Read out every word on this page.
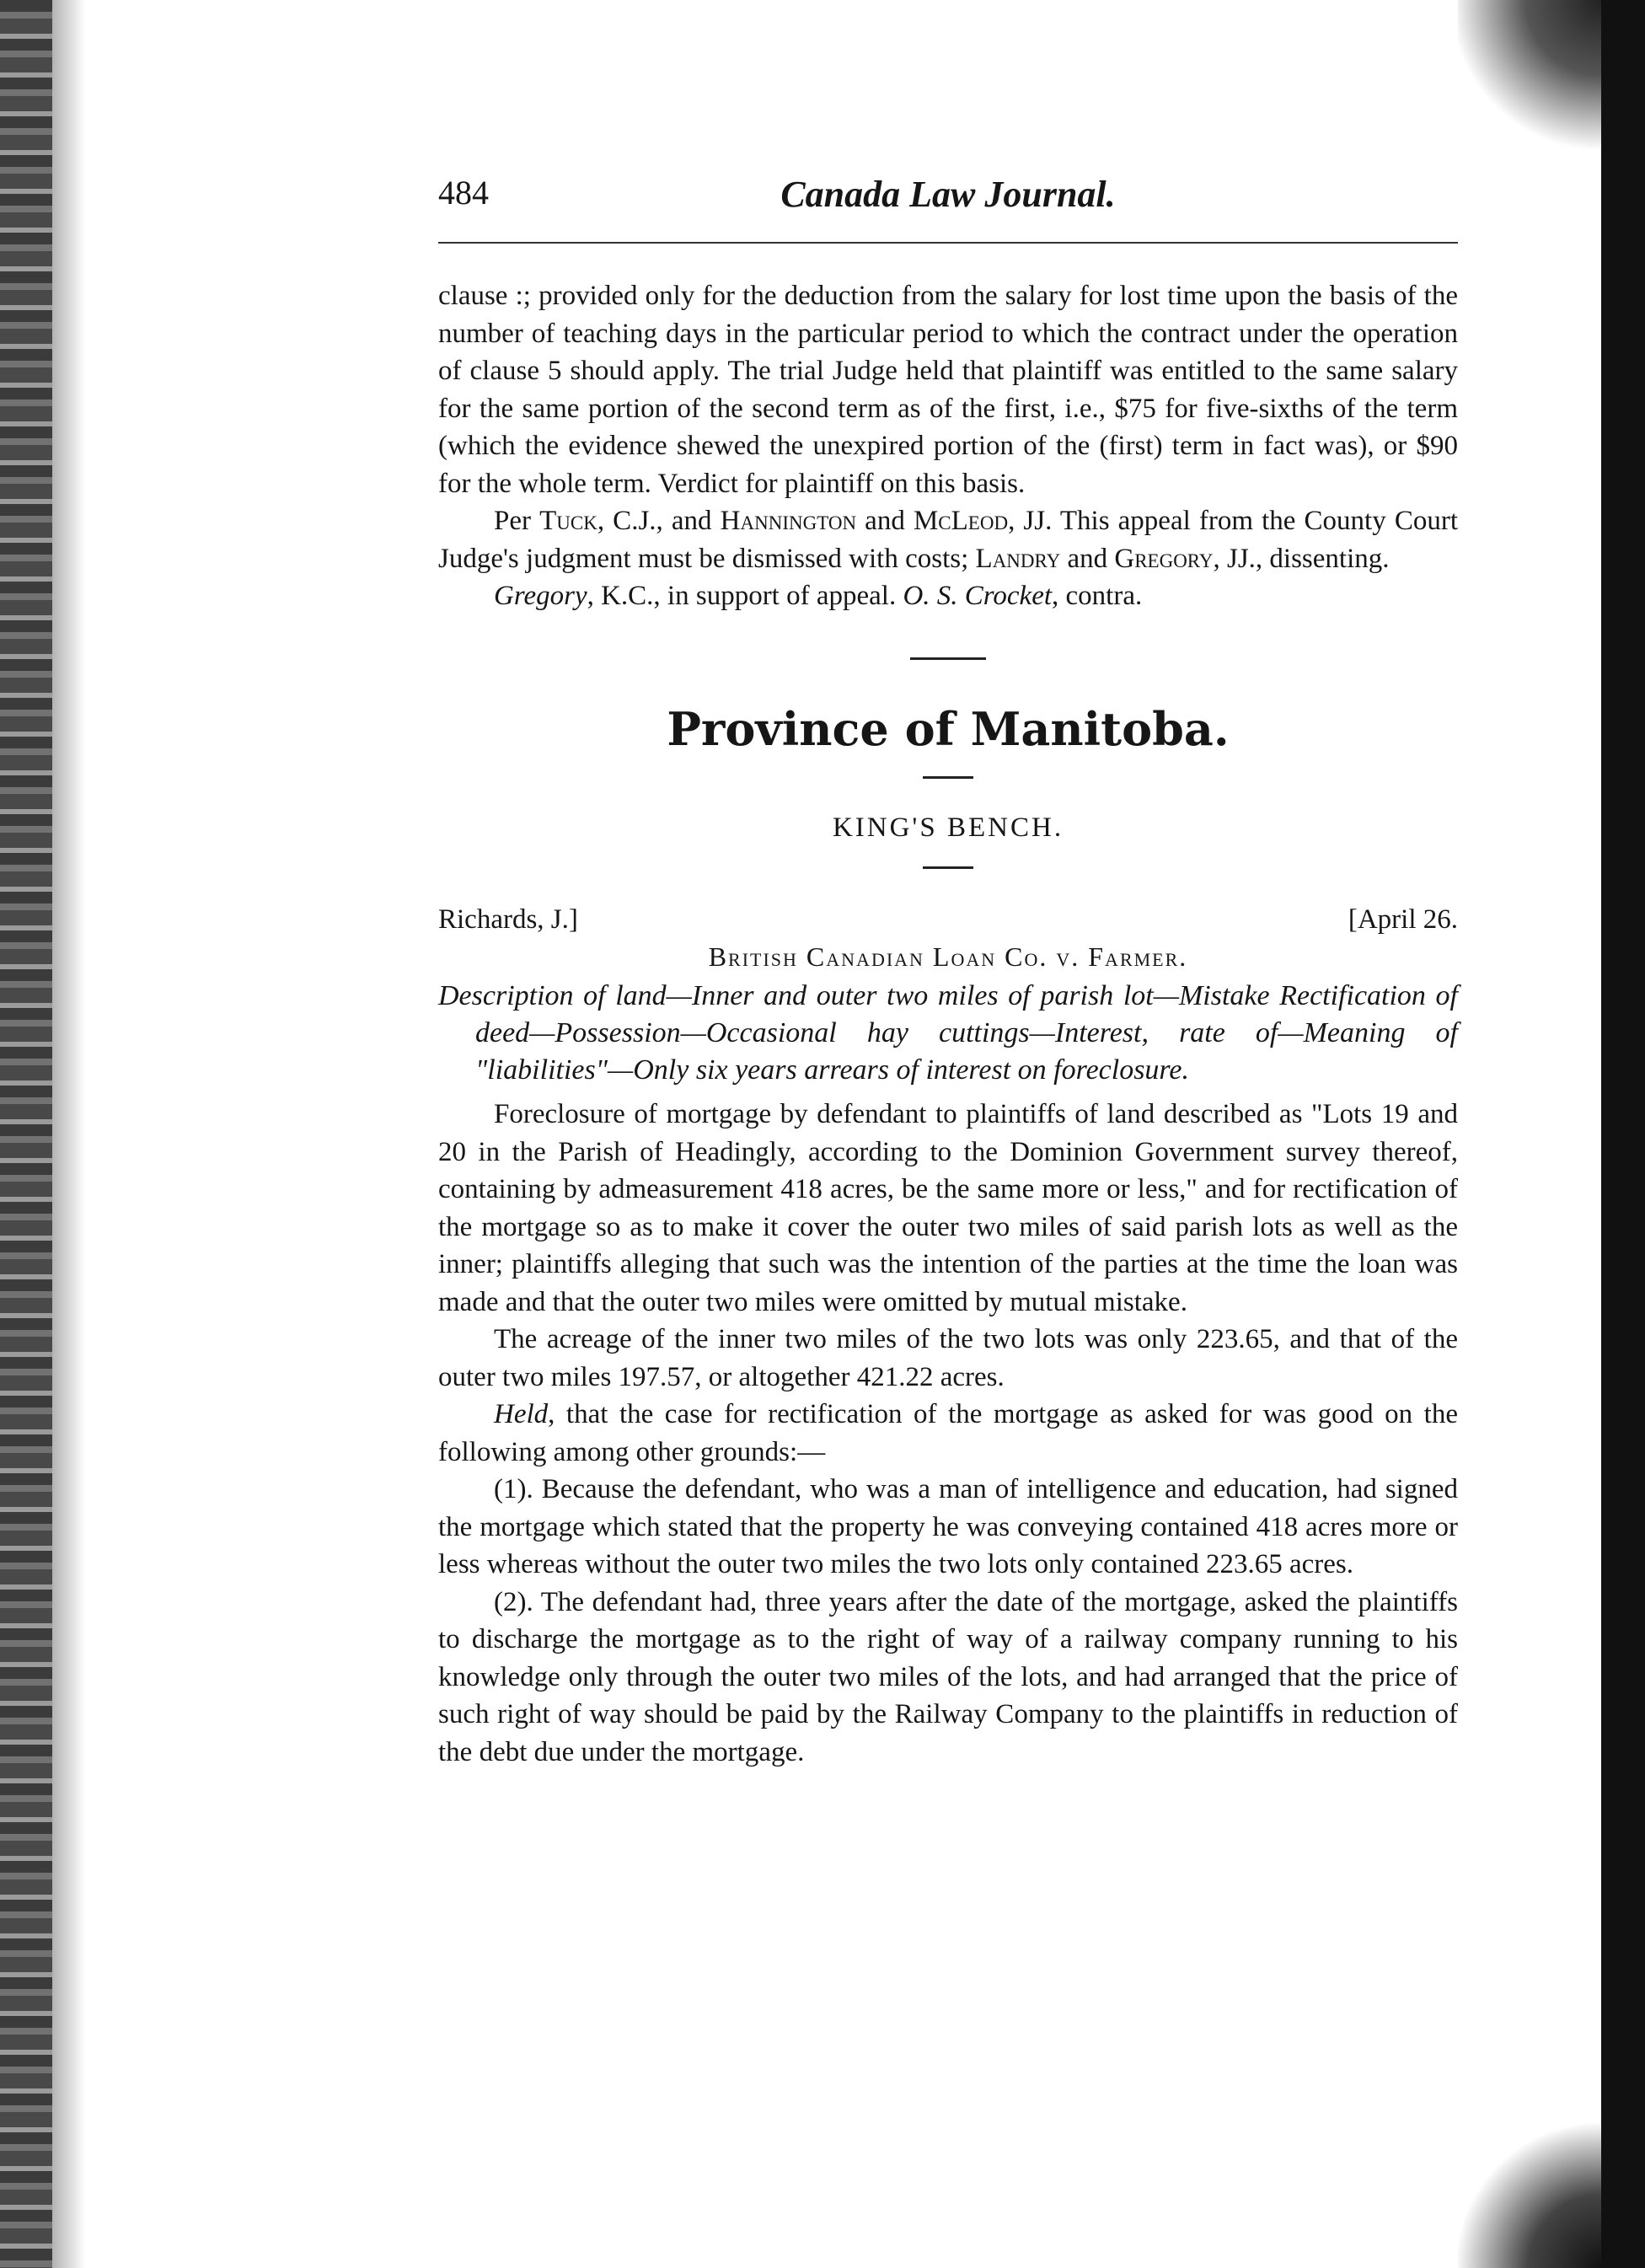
484	Canada Law Journal.

clause :; provided only for the deduction from the salary for lost time upon the basis of the number of teaching days in the particular period to which the contract under the operation of clause 5 should apply. The trial Judge held that plaintiff was entitled to the same salary for the same portion of the second term as of the first, i.e., $75 for five-sixths of the term (which the evidence shewed the unexpired portion of the (first) term in fact was), or $90 for the whole term. Verdict for plaintiff on this basis.

Per Tuck, C.J., and Hannington and McLeod, JJ. This appeal from the County Court Judge's judgment must be dismissed with costs; Landry and Gregory, JJ., dissenting.

Gregory, K.C., in support of appeal. O. S. Crocket, contra.

Province of Manitoba.

KING'S BENCH.

Richards, J.]	[April 26.
British Canadian Loan Co. v. Farmer.
Description of land—Inner and outer two miles of parish lot—Mistake Rectification of deed—Possession—Occasional hay cuttings—Interest, rate of—Meaning of "liabilities"—Only six years arrears of interest on foreclosure.

Foreclosure of mortgage by defendant to plaintiffs of land described as "Lots 19 and 20 in the Parish of Headingly, according to the Dominion Government survey thereof, containing by admeasurement 418 acres, be the same more or less," and for rectification of the mortgage so as to make it cover the outer two miles of said parish lots as well as the inner; plaintiffs alleging that such was the intention of the parties at the time the loan was made and that the outer two miles were omitted by mutual mistake.

The acreage of the inner two miles of the two lots was only 223.65, and that of the outer two miles 197.57, or altogether 421.22 acres.

Held, that the case for rectification of the mortgage as asked for was good on the following among other grounds:—

(1). Because the defendant, who was a man of intelligence and education, had signed the mortgage which stated that the property he was conveying contained 418 acres more or less whereas without the outer two miles the two lots only contained 223.65 acres.

(2). The defendant had, three years after the date of the mortgage, asked the plaintiffs to discharge the mortgage as to the right of way of a railway company running to his knowledge only through the outer two miles of the lots, and had arranged that the price of such right of way should be paid by the Railway Company to the plaintiffs in reduction of the debt due under the mortgage.
